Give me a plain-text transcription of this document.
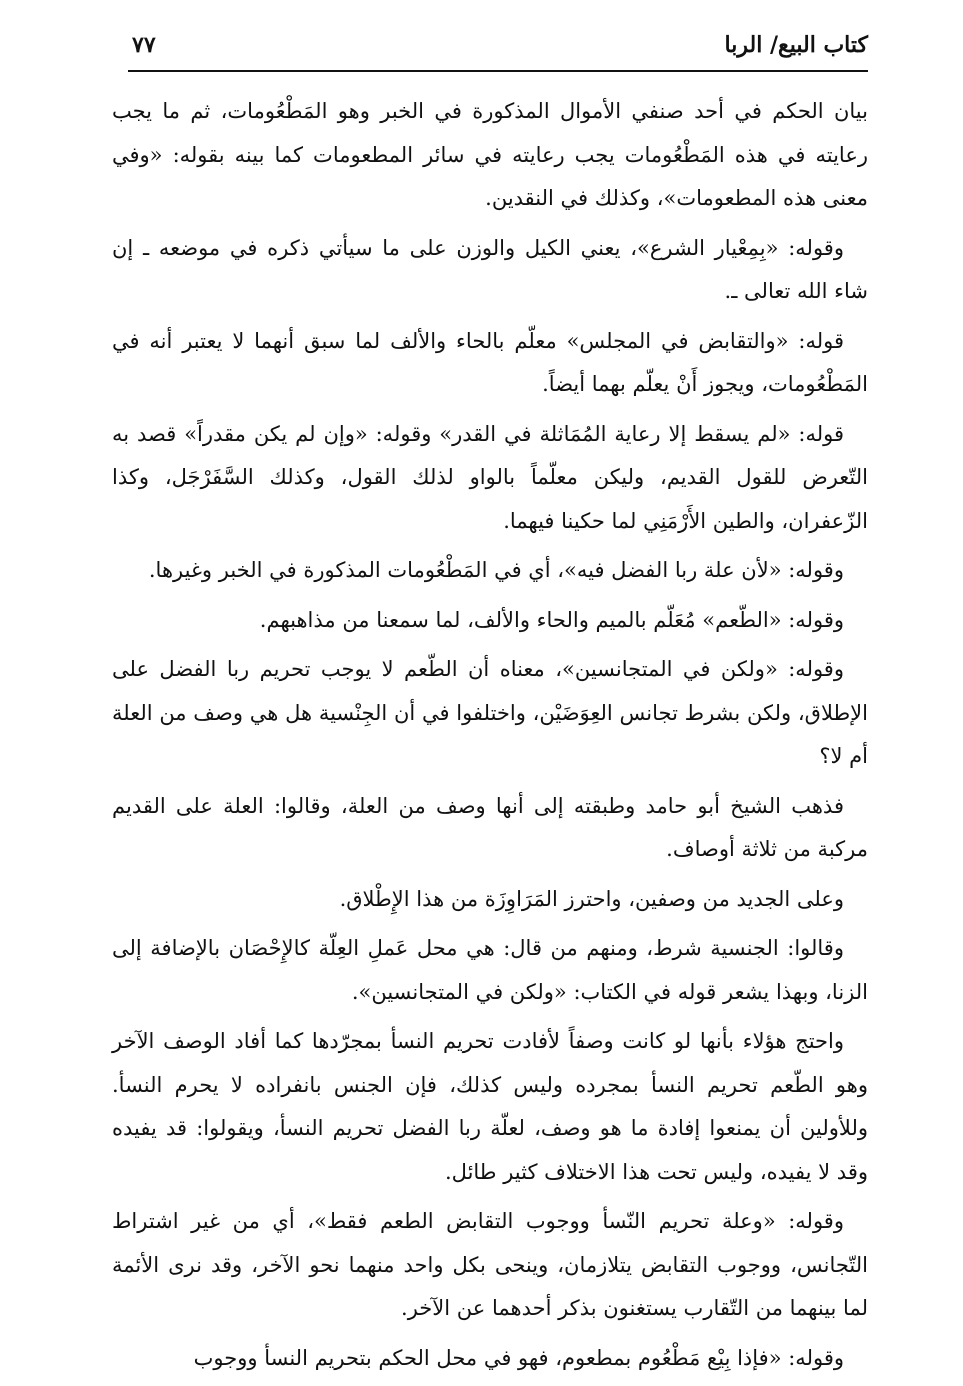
كتاب البيع/ الربا
٧٧

بيان الحكم في أحد صنفي الأموال المذكورة في الخبر وهو المَطْعُومات، ثم ما يجب رعايته في هذه المَطْعُومات يجب رعايته في سائر المطعومات كما بينه بقوله: «وفي معنى هذه المطعومات»، وكذلك في النقدين.

وقوله: «بِمِعْيار الشرع»، يعني الكيل والوزن على ما سيأتي ذكره في موضعه ـ إن شاء الله تعالى ـ.

قوله: «والتقابض في المجلس» معلّم بالحاء والألف لما سبق أنهما لا يعتبر أنه في المَطْعُومات، ويجوز أَنْ يعلّم بهما أيضاً.

قوله: «لم يسقط إلا رعاية المُمَاثلة في القدر» وقوله: «وإن لم يكن مقدراً» قصد به التّعرض للقول القديم، وليكن معلّماً بالواو لذلك القول، وكذلك السَّفَرْجَل، وكذا الزّعفران، والطين الأَرْمَنِي لما حكينا فيهما.

وقوله: «لأن علة ربا الفضل فيه»، أي في المَطْعُومات المذكورة في الخبر وغيرها.

وقوله: «الطّعم» مُعَلّم بالميم والحاء والألف، لما سمعنا من مذاهبهم.

وقوله: «ولكن في المتجانسين»، معناه أن الطّعم لا يوجب تحريم ربا الفضل على الإطلاق، ولكن بشرط تجانس العِوَضَيْن، واختلفوا في أن الجِنْسية هل هي وصف من العلة أم لا؟

فذهب الشيخ أبو حامد وطبقته إلى أنها وصف من العلة، وقالوا: العلة على القديم مركبة من ثلاثة أوصاف.

وعلى الجديد من وصفين، واحترز المَرَاوِزَة من هذا الإِطْلاق.

وقالوا: الجنسية شرط، ومنهم من قال: هي محل عَملِ العِلّة كالإِحْصَان بالإضافة إلى الزنا، وبهذا يشعر قوله في الكتاب: «ولكن في المتجانسين».

واحتج هؤلاء بأنها لو كانت وصفاً لأفادت تحريم النسأ بمجرّدها كما أفاد الوصف الآخر وهو الطّعم تحريم النسأ بمجرده وليس كذلك، فإن الجنس بانفراده لا يحرم النسأ. وللأولين أن يمنعوا إفادة ما هو وصف، لعلّة ربا الفضل تحريم النسأ، ويقولوا: قد يفيده وقد لا يفيده، وليس تحت هذا الاختلاف كثير طائل.

وقوله: «وعلة تحريم النّسأ ووجوب التقابض الطعم فقط»، أي من غير اشتراط التّجانس، ووجوب التقابض يتلازمان، وينحى بكل واحد منهما نحو الآخر، وقد نرى الأئمة لما بينهما من التّقارب يستغنون بذكر أحدهما عن الآخر.

وقوله: «فإذا بِيْع مَطْعُوم بمطعوم، فهو في محل الحكم بتحريم النسأ ووجوب
